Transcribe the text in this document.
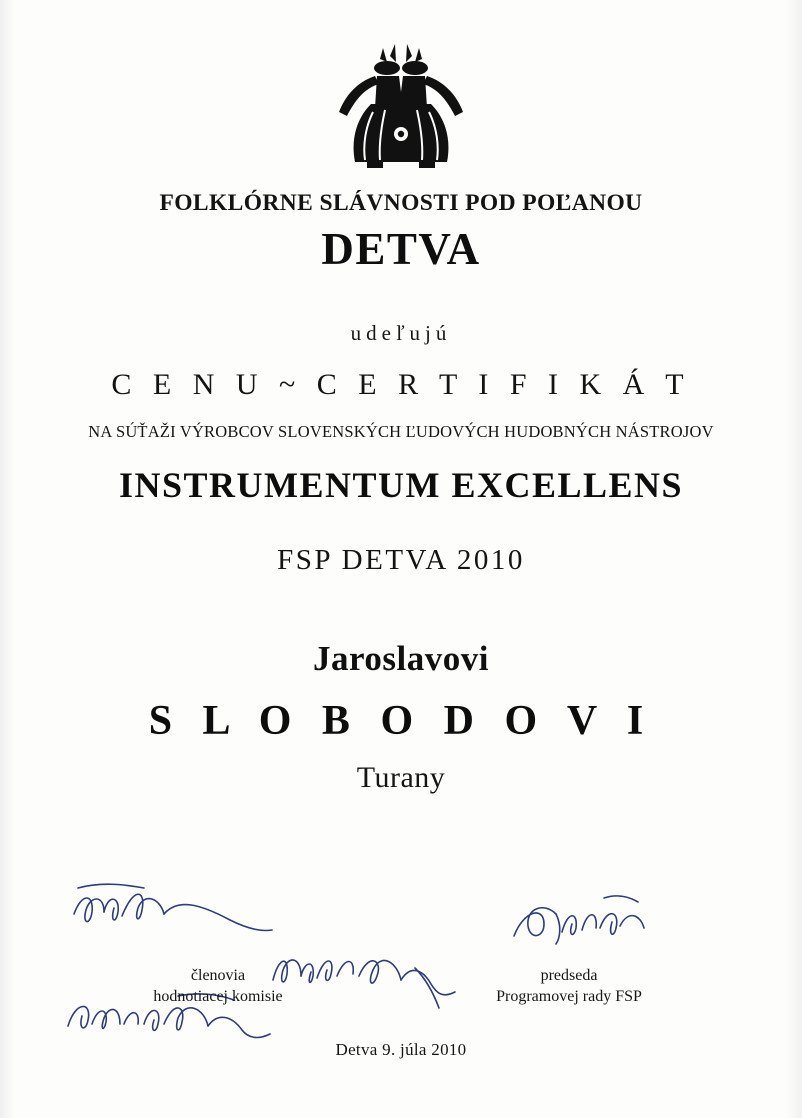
FOLKLÓRNE SLÁVNOSTI POD POĽANOU
DETVA
udeľujú
C E N U ~ C E R T I F I K Á T
NA SÚŤAŽI VÝROBCOV SLOVENSKÝCH ĽUDOVÝCH HUDOBNÝCH NÁSTROJOV
INSTRUMENTUM EXCELLENS
FSP DETVA 2010
Jaroslavovi
S L O B O D O V I
Turany
členovia
hodnotiacej komisie
predseda
Programovej rady FSP
Detva 9. júla 2010
